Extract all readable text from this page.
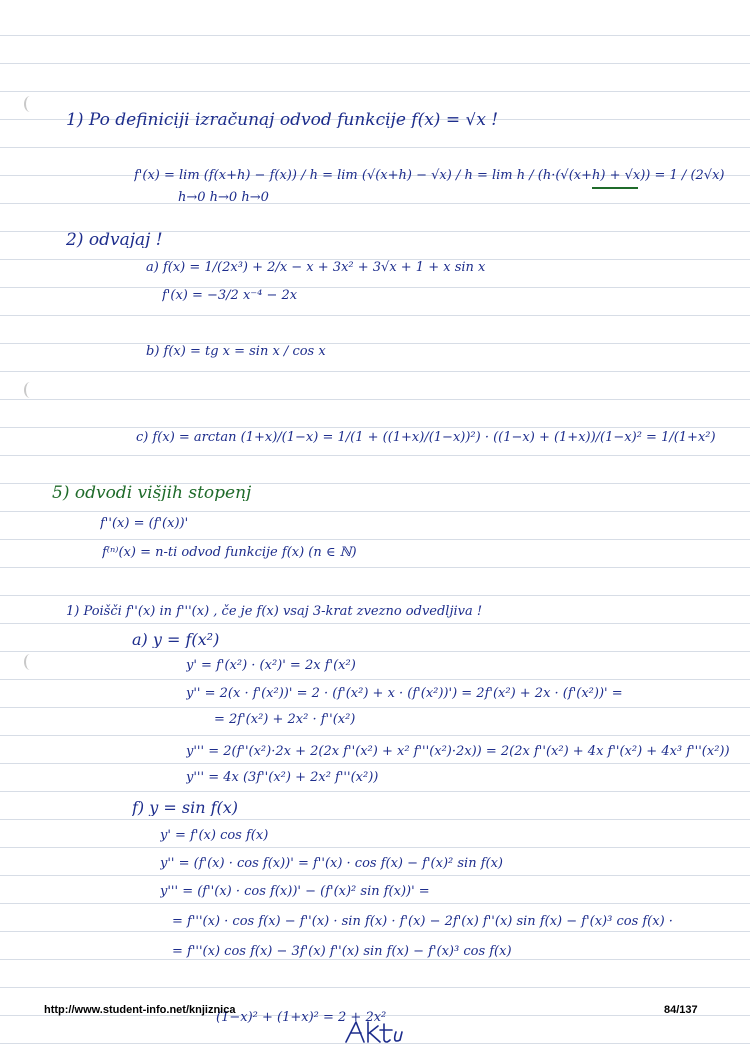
1) Po definiciji izračunaj odvod funkcije f(x) = √x !
f'(x) = lim (f(x+h) − f(x)) / h = lim (√(x+h) − √x) / h = lim h / (h·(√(x+h) + √x)) = 1 / (2√x)
h→0 h→0 h→0
2) odvajaj !
a) f(x) = 1/(2x³) + 2/x − x + 3x² + 3√x + 1 + x sin x
f'(x) = −3/2 x⁻⁴ − 2x
b) f(x) = tg x = sin x / cos x
c) f(x) = arctan (1+x)/(1−x) = 1/(1 + ((1+x)/(1−x))²) · ((1−x) + (1+x))/(1−x)² = 1/(1+x²)
5) odvodi višjih stopenj
f''(x) = (f'(x))'
f⁽ⁿ⁾(x) = n-ti odvod funkcije f(x) (n ∈ ℕ)
1) Poišči f''(x) in f'''(x) , če je f(x) vsaj 3-krat zvezno odvedljiva !
a) y = f(x²)
y' = f'(x²) · (x²)' = 2x f'(x²)
y'' = 2(x · f'(x²))' = 2 · (f'(x²) + x · (f'(x²))') = 2f'(x²) + 2x · (f'(x²))' =
= 2f'(x²) + 2x² · f''(x²)
y''' = 2(f''(x²)·2x + 2(2x f''(x²) + x² f'''(x²)·2x)) = 2(2x f''(x²) + 4x f''(x²) + 4x³ f'''(x²))
y''' = 4x (3f''(x²) + 2x² f'''(x²))
f) y = sin f(x)
y' = f'(x) cos f(x)
y'' = (f'(x) · cos f(x))' = f''(x) · cos f(x) − f'(x)² sin f(x)
y''' = (f''(x) · cos f(x))' − (f'(x)² sin f(x))' =
= f'''(x) · cos f(x) − f''(x) · sin f(x) · f'(x) − 2f'(x) f''(x) sin f(x) − f'(x)³ cos f(x) ·
= f'''(x) cos f(x) − 3f'(x) f''(x) sin f(x) − f'(x)³ cos f(x)
(1−x)² + (1+x)² = 2 + 2x²
http://www.student-info.net/knjiznica	84/137
